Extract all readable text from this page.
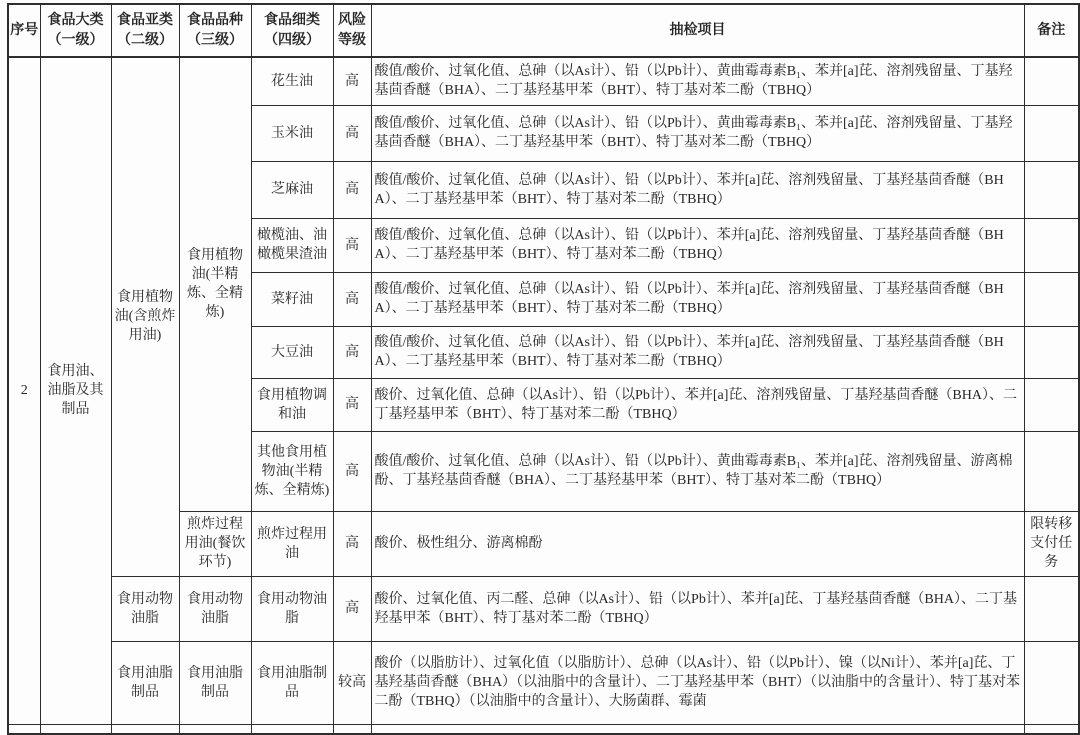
序号	食品大类（一级）	食品亚类（二级）	食品品种（三级）	食品细类（四级）	风险等级	抽检项目	备注
2	食用油、油脂及其制品	食用植物油(含煎炸用油)	食用植物油(半精炼、全精炼)	花生油	高	酸值/酸价、过氧化值、总砷（以As计）、铅（以Pb计）、黄曲霉毒素B₁、苯并[a]芘、溶剂残留量、丁基羟基茴香醚（BHA）、二丁基羟基甲苯（BHT）、特丁基对苯二酚（TBHQ）	
				玉米油	高	酸值/酸价、过氧化值、总砷（以As计）、铅（以Pb计）、黄曲霉毒素B₁、苯并[a]芘、溶剂残留量、丁基羟基茴香醚（BHA）、二丁基羟基甲苯（BHT）、特丁基对苯二酚（TBHQ）	
				芝麻油	高	酸值/酸价、过氧化值、总砷（以As计）、铅（以Pb计）、苯并[a]芘、溶剂残留量、丁基羟基茴香醚（BHA）、二丁基羟基甲苯（BHT）、特丁基对苯二酚（TBHQ）	
				橄榄油、油橄榄果渣油	高	酸值/酸价、过氧化值、总砷（以As计）、铅（以Pb计）、苯并[a]芘、溶剂残留量、丁基羟基茴香醚（BHA）、二丁基羟基甲苯（BHT）、特丁基对苯二酚（TBHQ）	
				菜籽油	高	酸值/酸价、过氧化值、总砷（以As计）、铅（以Pb计）、苯并[a]芘、溶剂残留量、丁基羟基茴香醚（BHA）、二丁基羟基甲苯（BHT）、特丁基对苯二酚（TBHQ）	
				大豆油	高	酸值/酸价、过氧化值、总砷（以As计）、铅（以Pb计）、苯并[a]芘、溶剂残留量、丁基羟基茴香醚（BHA）、二丁基羟基甲苯（BHT）、特丁基对苯二酚（TBHQ）	
				食用植物调和油	高	酸价、过氧化值、总砷（以As计）、铅（以Pb计）、苯并[a]芘、溶剂残留量、丁基羟基茴香醚（BHA）、二丁基羟基甲苯（BHT）、特丁基对苯二酚（TBHQ）	
				其他食用植物油(半精炼、全精炼)	高	酸值/酸价、过氧化值、总砷（以As计）、铅（以Pb计）、黄曲霉毒素B₁、苯并[a]芘、溶剂残留量、游离棉酚、丁基羟基茴香醚（BHA）、二丁基羟基甲苯（BHT）、特丁基对苯二酚（TBHQ）	
			煎炸过程用油(餐饮环节)	煎炸过程用油	高	酸价、极性组分、游离棉酚	限转移支付任务
		食用动物油脂	食用动物油脂	食用动物油脂	高	酸价、过氧化值、丙二醛、总砷（以As计）、铅（以Pb计）、苯并[a]芘、丁基羟基茴香醚（BHA）、二丁基羟基甲苯（BHT）、特丁基对苯二酚（TBHQ）	
		食用油脂制品	食用油脂制品	食用油脂制品	较高	酸价（以脂肪计）、过氧化值（以脂肪计）、总砷（以As计）、铅（以Pb计）、镍（以Ni计）、苯并[a]芘、丁基羟基茴香醚（BHA）（以油脂中的含量计）、二丁基羟基甲苯（BHT）（以油脂中的含量计）、特丁基对苯二酚（TBHQ）（以油脂中的含量计）、大肠菌群、霉菌	
